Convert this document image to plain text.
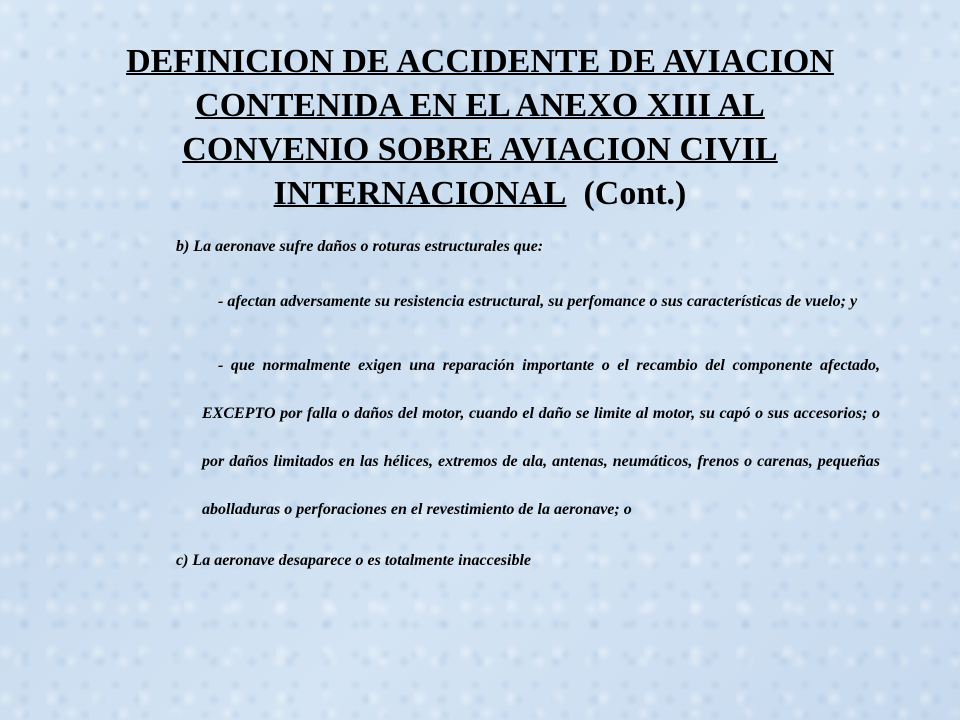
DEFINICION DE ACCIDENTE DE AVIACION
CONTENIDA EN EL ANEXO XIII AL
CONVENIO SOBRE AVIACION CIVIL
INTERNACIONAL (Cont.)

b) La aeronave sufre daños o roturas estructurales que:

- afectan adversamente su resistencia estructural, su perfomance o sus características de vuelo; y

- que normalmente exigen una reparación importante o el recambio del componente afectado, EXCEPTO por falla o daños del motor, cuando el daño se limite al motor, su capó o sus accesorios; o por daños limitados en las hélices, extremos de ala, antenas, neumáticos, frenos o carenas, pequeñas abolladuras o perforaciones en el revestimiento de la aeronave; o

c) La aeronave desaparece o es totalmente inaccesible
